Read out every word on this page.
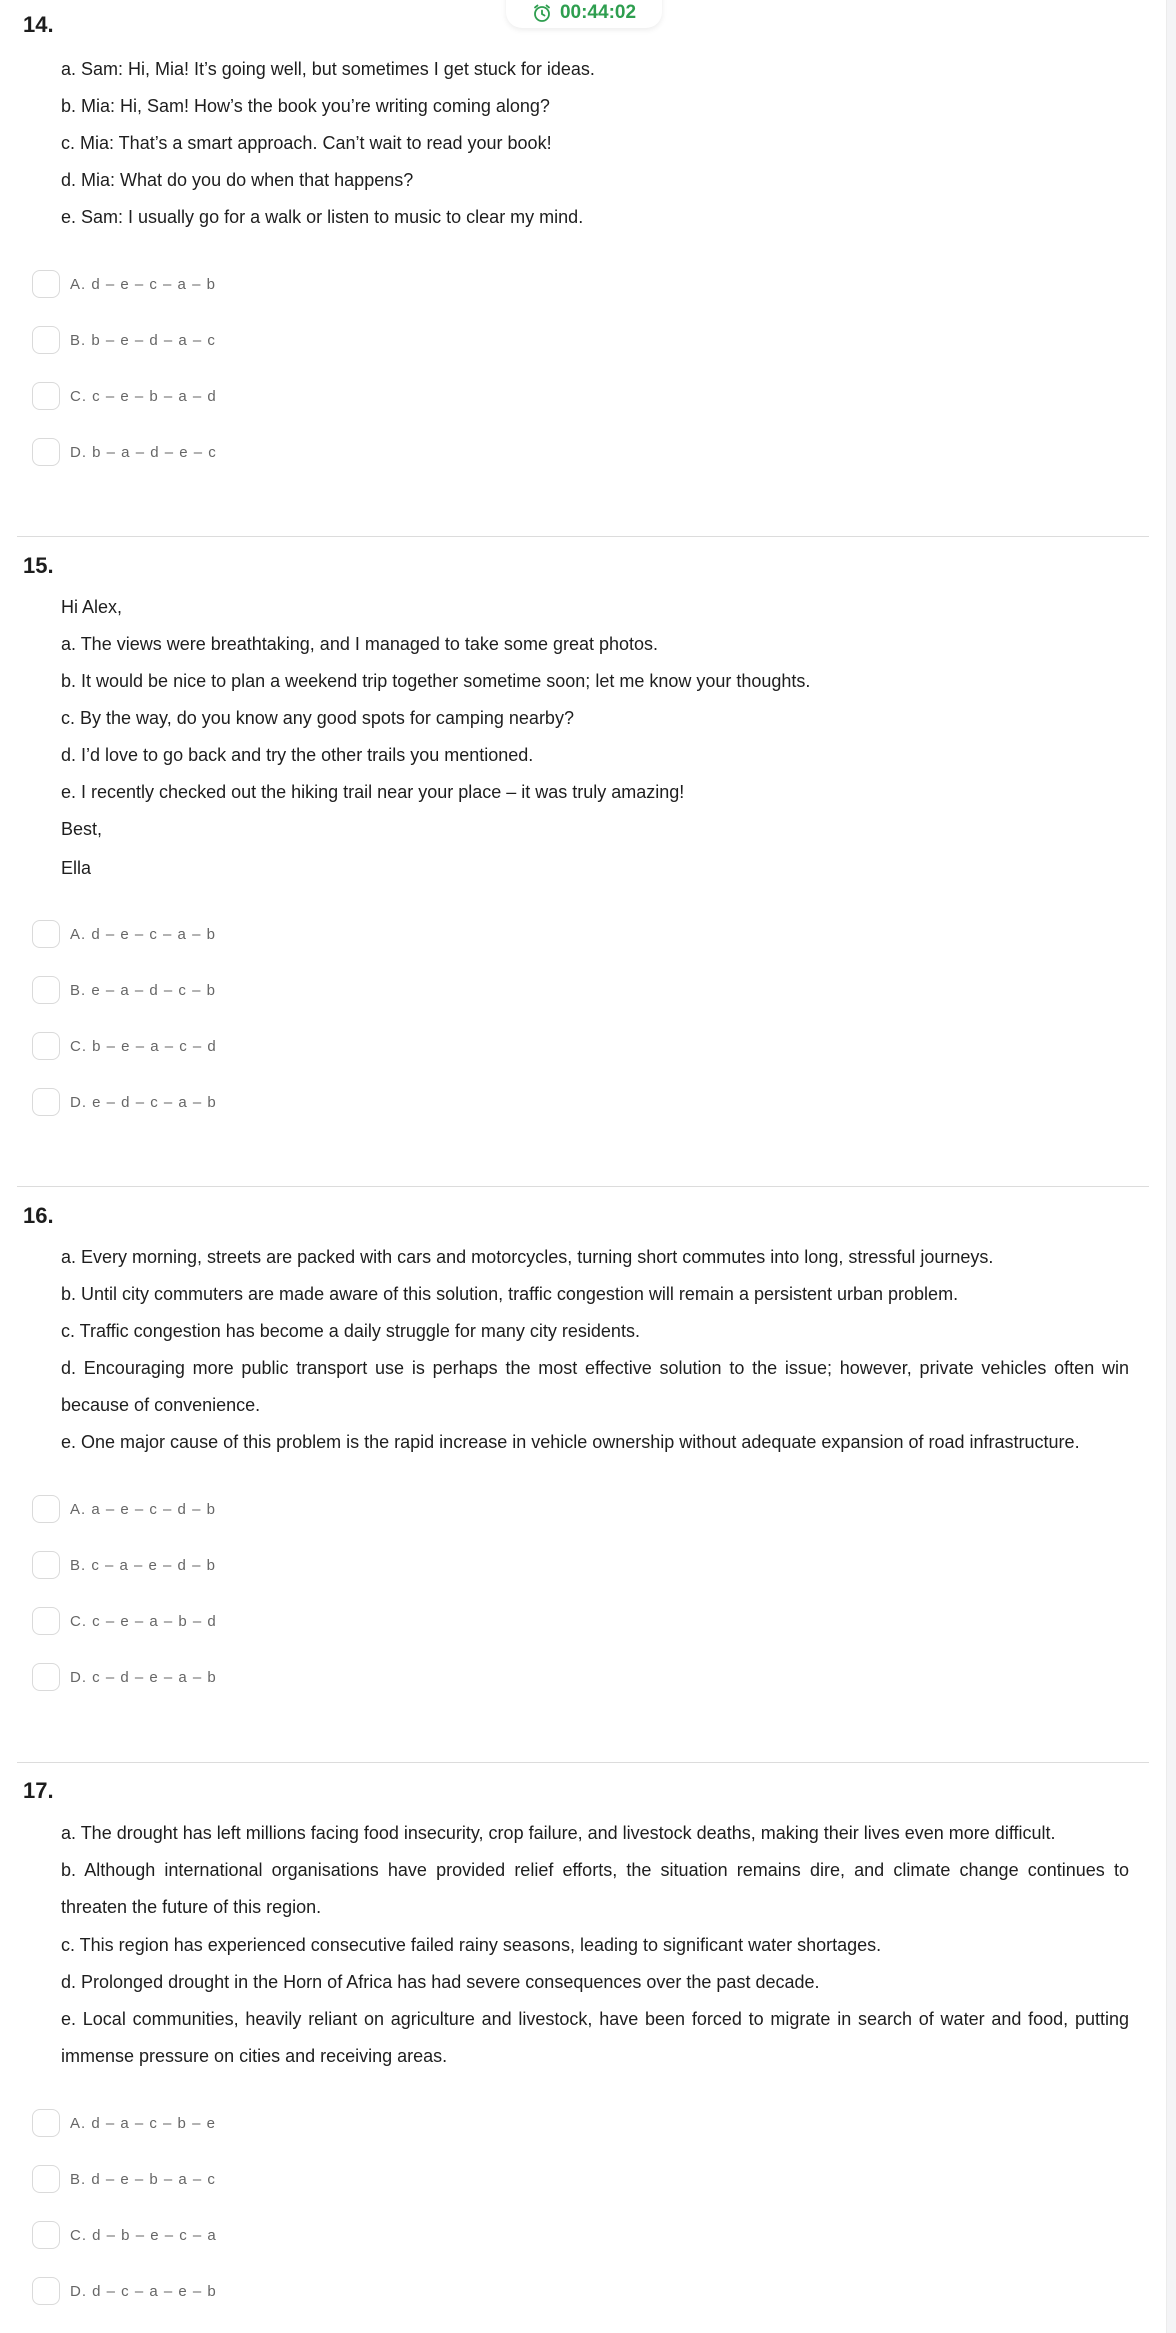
00:44:02
14.
a. Sam: Hi, Mia! It’s going well, but sometimes I get stuck for ideas.
b. Mia: Hi, Sam! How’s the book you’re writing coming along?
c. Mia: That’s a smart approach. Can’t wait to read your book!
d. Mia: What do you do when that happens?
e. Sam: I usually go for a walk or listen to music to clear my mind.
A. d – e – c – a – b
B. b – e – d – a – c
C. c – e – b – a – d
D. b – a – d – e – c
15.
Hi Alex,
a. The views were breathtaking, and I managed to take some great photos.
b. It would be nice to plan a weekend trip together sometime soon; let me know your thoughts.
c. By the way, do you know any good spots for camping nearby?
d. I’d love to go back and try the other trails you mentioned.
e. I recently checked out the hiking trail near your place – it was truly amazing!
Best,
Ella
A. d – e – c – a – b
B. e – a – d – c – b
C. b – e – a – c – d
D. e – d – c – a – b
16.
a. Every morning, streets are packed with cars and motorcycles, turning short commutes into long, stressful journeys.
b. Until city commuters are made aware of this solution, traffic congestion will remain a persistent urban problem.
c. Traffic congestion has become a daily struggle for many city residents.
d. Encouraging more public transport use is perhaps the most effective solution to the issue; however, private vehicles often win because of convenience.
e. One major cause of this problem is the rapid increase in vehicle ownership without adequate expansion of road infrastructure.
A. a – e – c – d – b
B. c – a – e – d – b
C. c – e – a – b – d
D. c – d – e – a – b
17.
a. The drought has left millions facing food insecurity, crop failure, and livestock deaths, making their lives even more difficult.
b. Although international organisations have provided relief efforts, the situation remains dire, and climate change continues to threaten the future of this region.
c. This region has experienced consecutive failed rainy seasons, leading to significant water shortages.
d. Prolonged drought in the Horn of Africa has had severe consequences over the past decade.
e. Local communities, heavily reliant on agriculture and livestock, have been forced to migrate in search of water and food, putting immense pressure on cities and receiving areas.
A. d – a – c – b – e
B. d – e – b – a – c
C. d – b – e – c – a
D. d – c – a – e – b
